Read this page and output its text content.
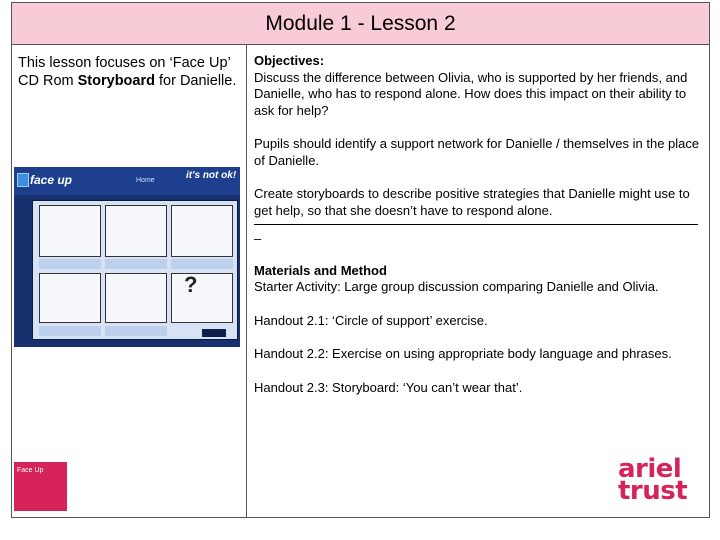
Module 1 - Lesson 2
This lesson focuses on ‘Face Up’ CD Rom Storyboard for Danielle.
face up	Home	it's not ok!
?
Objectives:

Discuss the difference between Olivia, who is supported by her friends, and Danielle, who has to respond alone. How does this impact on their ability to ask for help?

Pupils should identify a support network for Danielle / themselves in the place of Danielle.

Create storyboards to describe positive strategies that Danielle might use to get help, so that she doesn’t have to respond alone.

–
Materials and Method

Starter Activity: Large group discussion comparing Danielle and Olivia.

Handout 2.1: ‘Circle of support’ exercise.

Handout 2.2: Exercise on using appropriate body language and phrases.

Handout 2.3: Storyboard: ‘You can’t wear that’.

Face Up	ariel
trust
